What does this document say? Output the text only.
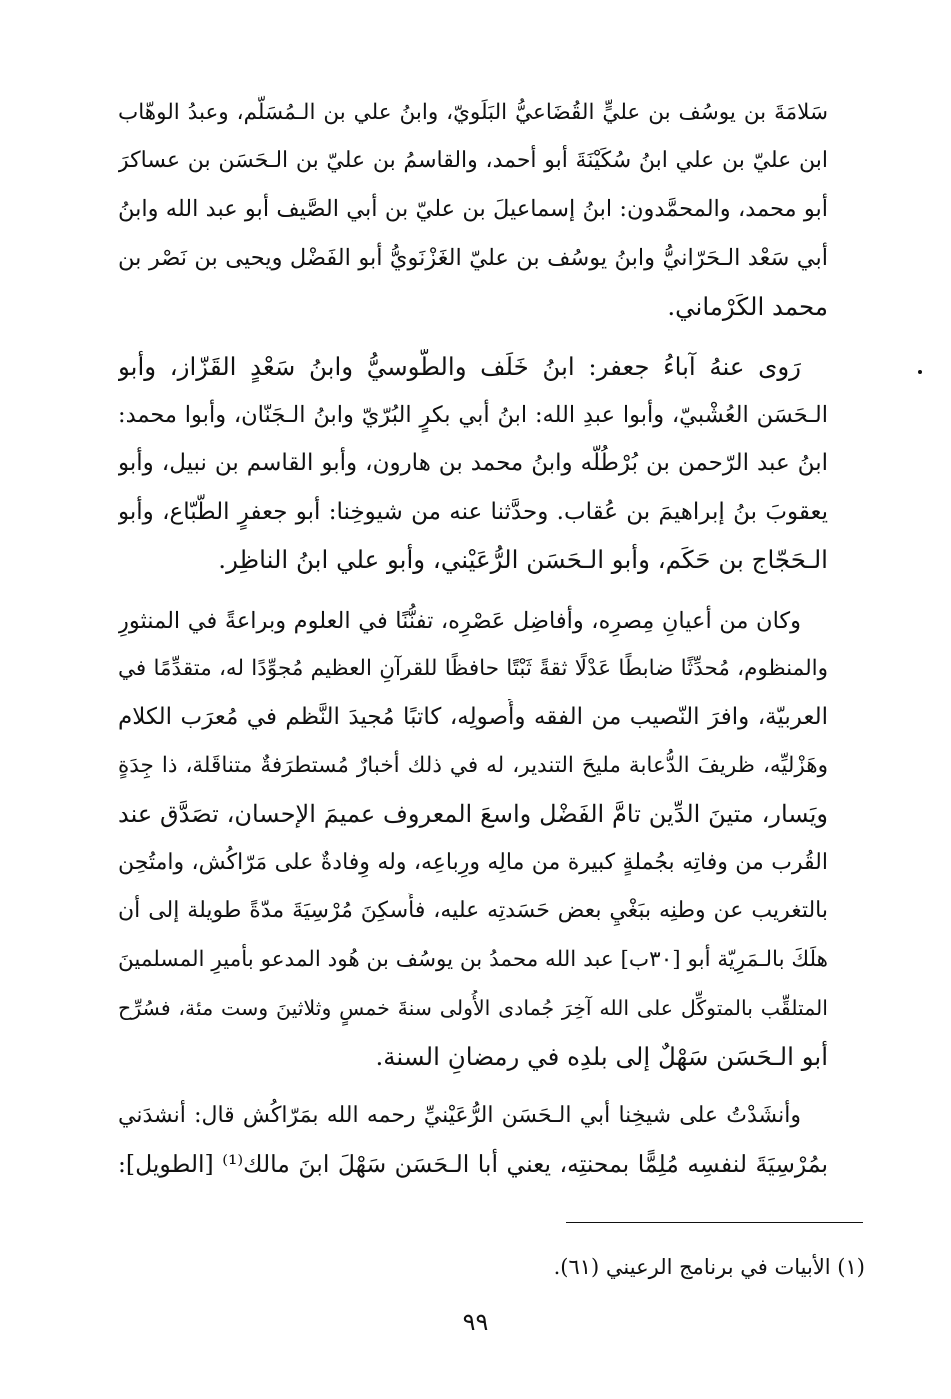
سَلامَةَ بن يوسُف بن عليٍّ القُضَاعيُّ البَلَويّ، وابنُ علي بن الـمُسَلَّم، وعبدُ الوهّاب
ابن عليّ بن علي ابنُ سُكَيْنَةَ أبو أحمد، والقاسمُ بن عليّ بن الـحَسَن بن عساكرَ
أبو محمد، والمحمَّدون: ابنُ إسماعيلَ بن عليّ بن أبي الصَّيف أبو عبد الله وابنُ
أبي سَعْد الـحَرّانيُّ وابنُ يوسُف بن عليّ الغَزْنَويُّ أبو الفَضْل ويحيى بن نَصْر بن
محمد الكَرْماني.
رَوى عنهُ آباءُ جعفر: ابنُ خَلَف والطُّوسيُّ وابنُ سَعْدٍ القَزّاز، وأبو
الـحَسَن العُشْبيّ، وأبوا عبدِ الله: ابنُ أبي بكرٍ البُرّيّ وابنُ الـجَنّان، وأبوا محمد:
ابنُ عبد الرّحمن بن بُرْطُلّه وابنُ محمد بن هارون، وأبو القاسم بن نبيل، وأبو
يعقوبَ بنُ إبراهيمَ بن عُقاب. وحدَّثنا عنه من شيوخِنا: أبو جعفرٍ الطَّبّاع، وأبو
الـحَجّاج بن حَكَم، وأبو الـحَسَن الرُّعَيْني، وأبو علي ابنُ الناظِر.
وكان من أعيانِ مِصرِه، وأفاضِل عَصْرِه، تفنُّنًا في العلوم وبراعةً في المنثورِ
والمنظوم، مُحدِّثًا ضابطًا عَدْلًا ثقةً ثَبْتًا حافظًا للقرآنِ العظيم مُجوِّدًا له، متقدِّمًا في
العربيّة، وافرَ النّصيب من الفقه وأُصولِه، كاتبًا مُجيدَ النَّظم في مُعرَب الكلام
وهَزْليِّه، ظريفَ الدُّعابة مليحَ التندير، له في ذلك أخبارٌ مُستطرَفةٌ متناقَلة، ذا جِدَةٍ
ويَسار، متينَ الدِّين تامَّ الفَضْل واسعَ المعروف عميمَ الإحسان، تصَدَّق عند
القُرب من وفاتِه بجُملةٍ كبيرة من مالِه ورِباعِه، وله وِفادةٌ على مَرّاكُش، وامتُحِن
بالتغريب عن وطنِه ببَغْيِ بعض حَسَدتِه عليه، فأُسكِنَ مُرْسِيَةَ مدّةً طويلة إلى أن
هلَكَ بالـمَرِيّة أبو [٣٠ب] عبد الله محمدُ بن يوسُف بن هُود المدعو بأميرِ المسلمينَ
المتلقِّب بالمتوكِّل على الله آخِرَ جُمادى الأُولى سنةَ خمسٍ وثلاثينَ وست مئة، فسُرِّح
أبو الـحَسَن سَهْلٌ إلى بلدِه في رمضانِ السنة.
وأنشَدْتُ على شيخِنا أبي الـحَسَن الرُّعَيْنيِّ رحمه الله بمَرّاكُش قال: أنشدَني
بمُرْسِيَةَ لنفسِه مُلِمًّا بمحنتِه، يعني أبا الـحَسَن سَهْلَ ابنَ مالك⁽¹⁾ [الطويل]:
(١) الأبيات في برنامج الرعيني (٦١).
٩٩
